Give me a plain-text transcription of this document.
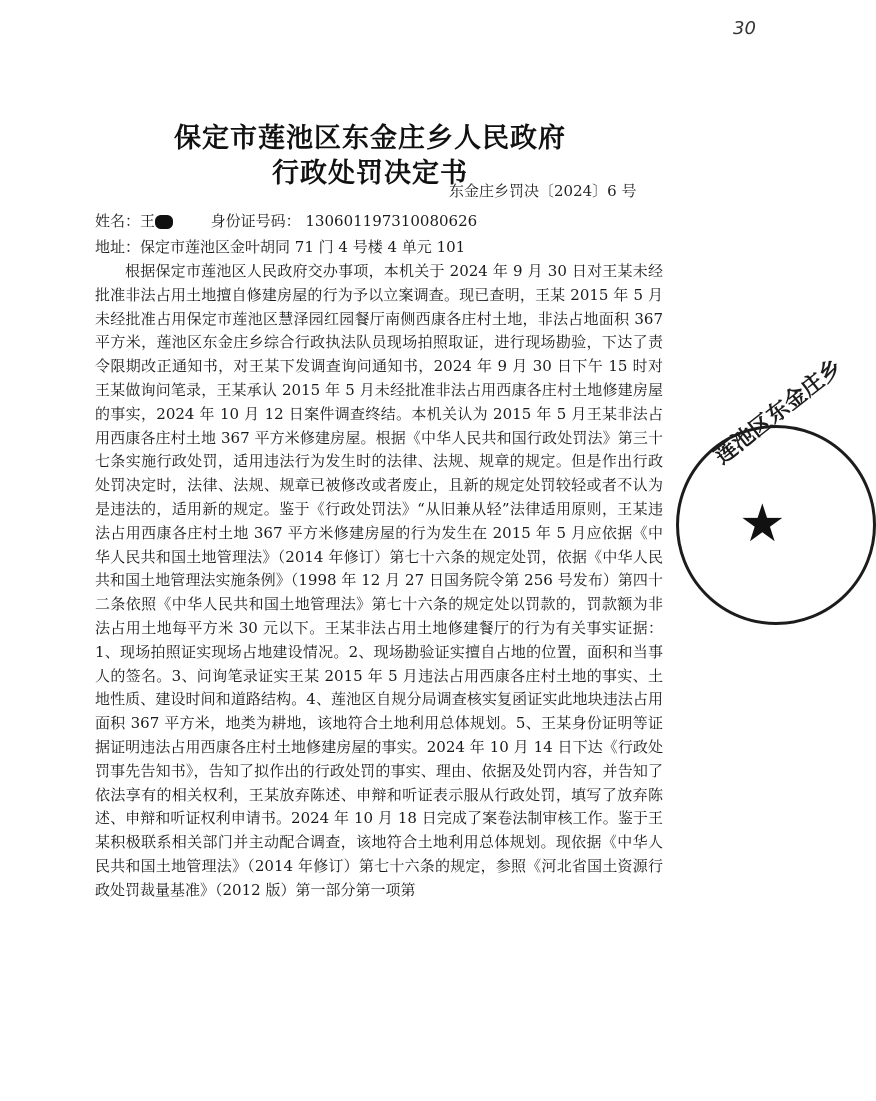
30
保定市莲池区东金庄乡人民政府
行政处罚决定书
东金庄乡罚决〔2024〕6 号
姓名：王	身份证号码： 130601197310080626
地址：保定市莲池区金叶胡同 71 门 4 号楼 4 单元 101
根据保定市莲池区人民政府交办事项，本机关于 2024 年 9 月 30 日对王某未经批准非法占用土地擅自修建房屋的行为予以立案调查。现已查明，王某 2015 年 5 月未经批准占用保定市莲池区慧泽园红园餐厅南侧西康各庄村土地，非法占地面积 367 平方米，莲池区东金庄乡综合行政执法队员现场拍照取证，进行现场勘验，下达了责令限期改正通知书，对王某下发调查询问通知书，2024 年 9 月 30 日下午 15 时对王某做询问笔录，王某承认 2015 年 5 月未经批准非法占用西康各庄村土地修建房屋的事实，2024 年 10 月 12 日案件调查终结。本机关认为 2015 年 5 月王某非法占用西康各庄村土地 367 平方米修建房屋。根据《中华人民共和国行政处罚法》第三十七条实施行政处罚，适用违法行为发生时的法律、法规、规章的规定。但是作出行政处罚决定时，法律、法规、规章已被修改或者废止，且新的规定处罚较轻或者不认为是违法的，适用新的规定。鉴于《行政处罚法》“从旧兼从轻”法律适用原则，王某违法占用西康各庄村土地 367 平方米修建房屋的行为发生在 2015 年 5 月应依据《中华人民共和国土地管理法》（2014 年修订）第七十六条的规定处罚，依据《中华人民共和国土地管理法实施条例》（1998 年 12 月 27 日国务院令第 256 号发布）第四十二条依照《中华人民共和国土地管理法》第七十六条的规定处以罚款的，罚款额为非法占用土地每平方米 30 元以下。王某非法占用土地修建餐厅的行为有关事实证据：1、现场拍照证实现场占地建设情况。2、现场勘验证实擅自占地的位置，面积和当事人的签名。3、问询笔录证实王某 2015 年 5 月违法占用西康各庄村土地的事实、土地性质、建设时间和道路结构。4、莲池区自规分局调查核实复函证实此地块违法占用面积 367 平方米，地类为耕地，该地符合土地利用总体规划。5、王某身份证明等证据证明违法占用西康各庄村土地修建房屋的事实。2024 年 10 月 14 日下达《行政处罚事先告知书》，告知了拟作出的行政处罚的事实、理由、依据及处罚内容，并告知了依法享有的相关权利，王某放弃陈述、申辩和听证表示服从行政处罚，填写了放弃陈述、申辩和听证权利申请书。2024 年 10 月 18 日完成了案卷法制审核工作。鉴于王某积极联系相关部门并主动配合调查，该地符合土地利用总体规划。现依据《中华人民共和国土地管理法》（2014 年修订）第七十六条的规定，参照《河北省国土资源行政处罚裁量基准》（2012 版）第一部分第一项第
莲池区东金庄乡
★
